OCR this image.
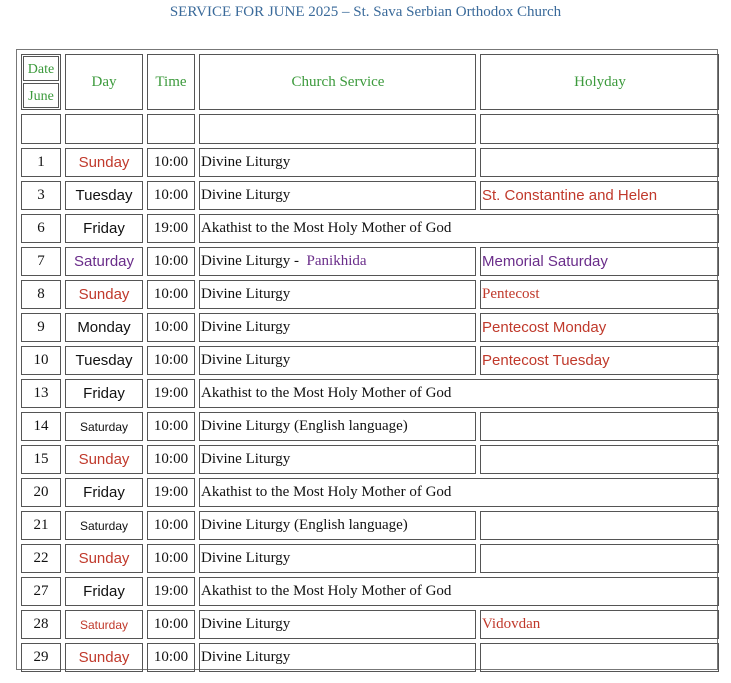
SERVICE FOR JUNE 2025 – St. Sava Serbian Orthodox Church
Date
June	Day	Time	Church Service	Holyday

1	Sunday	10:00	Divine Liturgy	
3	Tuesday	10:00	Divine Liturgy	St. Constantine and Helen
6	Friday	19:00	Akathist to the Most Holy Mother of God	
7	Saturday	10:00	Divine Liturgy - Panikhida	Memorial Saturday
8	Sunday	10:00	Divine Liturgy	Pentecost
9	Monday	10:00	Divine Liturgy	Pentecost Monday
10	Tuesday	10:00	Divine Liturgy	Pentecost Tuesday
13	Friday	19:00	Akathist to the Most Holy Mother of God	
14	Saturday	10:00	Divine Liturgy (English language)	
15	Sunday	10:00	Divine Liturgy	
20	Friday	19:00	Akathist to the Most Holy Mother of God	
21	Saturday	10:00	Divine Liturgy (English language)	
22	Sunday	10:00	Divine Liturgy	
27	Friday	19:00	Akathist to the Most Holy Mother of God	
28	Saturday	10:00	Divine Liturgy	Vidovdan
29	Sunday	10:00	Divine Liturgy	
